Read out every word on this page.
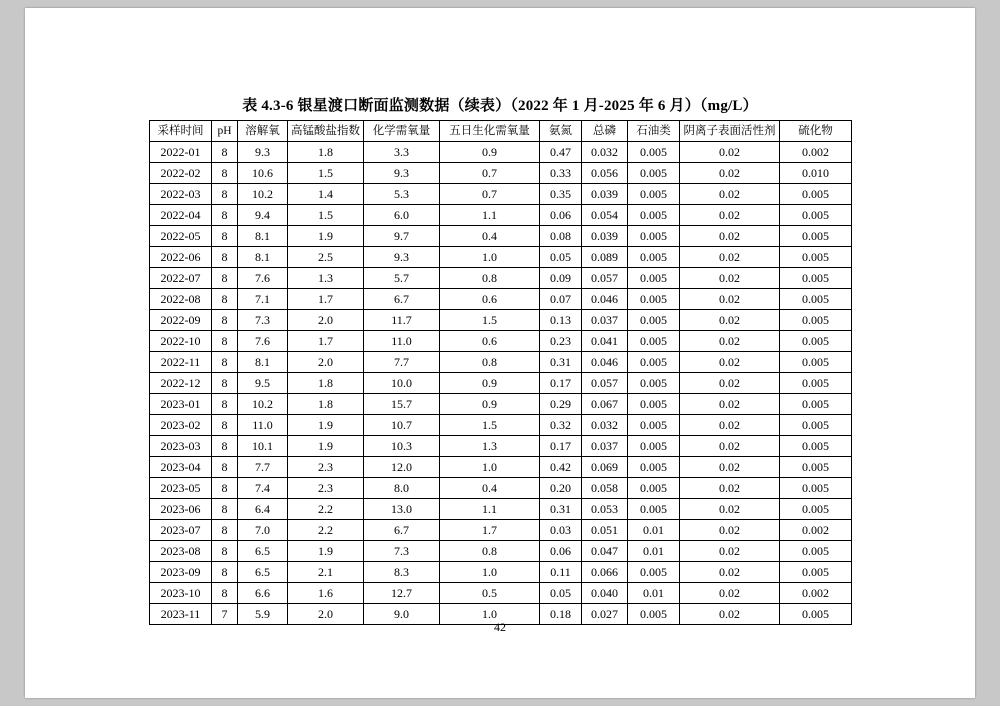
表 4.3-6 银星渡口断面监测数据（续表）（2022 年 1 月-2025 年 6 月）（mg/L）
采样时间	pH	溶解氧	高锰酸盐指数	化学需氧量	五日生化需氧量	氨氮	总磷	石油类	阴离子表面活性剂	硫化物
2022-01	8	9.3	1.8	3.3	0.9	0.47	0.032	0.005	0.02	0.002
2022-02	8	10.6	1.5	9.3	0.7	0.33	0.056	0.005	0.02	0.010
2022-03	8	10.2	1.4	5.3	0.7	0.35	0.039	0.005	0.02	0.005
2022-04	8	9.4	1.5	6.0	1.1	0.06	0.054	0.005	0.02	0.005
2022-05	8	8.1	1.9	9.7	0.4	0.08	0.039	0.005	0.02	0.005
2022-06	8	8.1	2.5	9.3	1.0	0.05	0.089	0.005	0.02	0.005
2022-07	8	7.6	1.3	5.7	0.8	0.09	0.057	0.005	0.02	0.005
2022-08	8	7.1	1.7	6.7	0.6	0.07	0.046	0.005	0.02	0.005
2022-09	8	7.3	2.0	11.7	1.5	0.13	0.037	0.005	0.02	0.005
2022-10	8	7.6	1.7	11.0	0.6	0.23	0.041	0.005	0.02	0.005
2022-11	8	8.1	2.0	7.7	0.8	0.31	0.046	0.005	0.02	0.005
2022-12	8	9.5	1.8	10.0	0.9	0.17	0.057	0.005	0.02	0.005
2023-01	8	10.2	1.8	15.7	0.9	0.29	0.067	0.005	0.02	0.005
2023-02	8	11.0	1.9	10.7	1.5	0.32	0.032	0.005	0.02	0.005
2023-03	8	10.1	1.9	10.3	1.3	0.17	0.037	0.005	0.02	0.005
2023-04	8	7.7	2.3	12.0	1.0	0.42	0.069	0.005	0.02	0.005
2023-05	8	7.4	2.3	8.0	0.4	0.20	0.058	0.005	0.02	0.005
2023-06	8	6.4	2.2	13.0	1.1	0.31	0.053	0.005	0.02	0.005
2023-07	8	7.0	2.2	6.7	1.7	0.03	0.051	0.01	0.02	0.002
2023-08	8	6.5	1.9	7.3	0.8	0.06	0.047	0.01	0.02	0.005
2023-09	8	6.5	2.1	8.3	1.0	0.11	0.066	0.005	0.02	0.005
2023-10	8	6.6	1.6	12.7	0.5	0.05	0.040	0.01	0.02	0.002
2023-11	7	5.9	2.0	9.0	1.0	0.18	0.027	0.005	0.02	0.005
42
